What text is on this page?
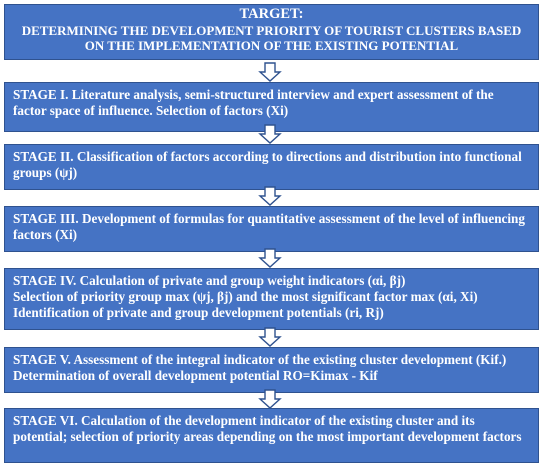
TARGET:
DETERMINING THE DEVELOPMENT PRIORITY OF TOURIST CLUSTERS BASED ON THE IMPLEMENTATION OF THE EXISTING POTENTIAL
STAGE I. Literature analysis, semi-structured interview and expert assessment of the factor space of influence. Selection of factors (Xi)
STAGE II. Classification of factors according to directions and distribution into functional groups (ψj)
STAGE III. Development of formulas for quantitative assessment of the level of influencing factors (Xi)
STAGE IV. Calculation of private and group weight indicators (αi, βj)
Selection of priority group max (ψj, βj) and the most significant factor max (αi, Xi)
Identification of private and group development potentials (ri, Rj)
STAGE V. Assessment of the integral indicator of the existing cluster development (Kif.)
Determination of overall development potential RO=Kimax - Kif
STAGE VI. Calculation of the development indicator of the existing cluster and its potential; selection of priority areas depending on the most important development factors
